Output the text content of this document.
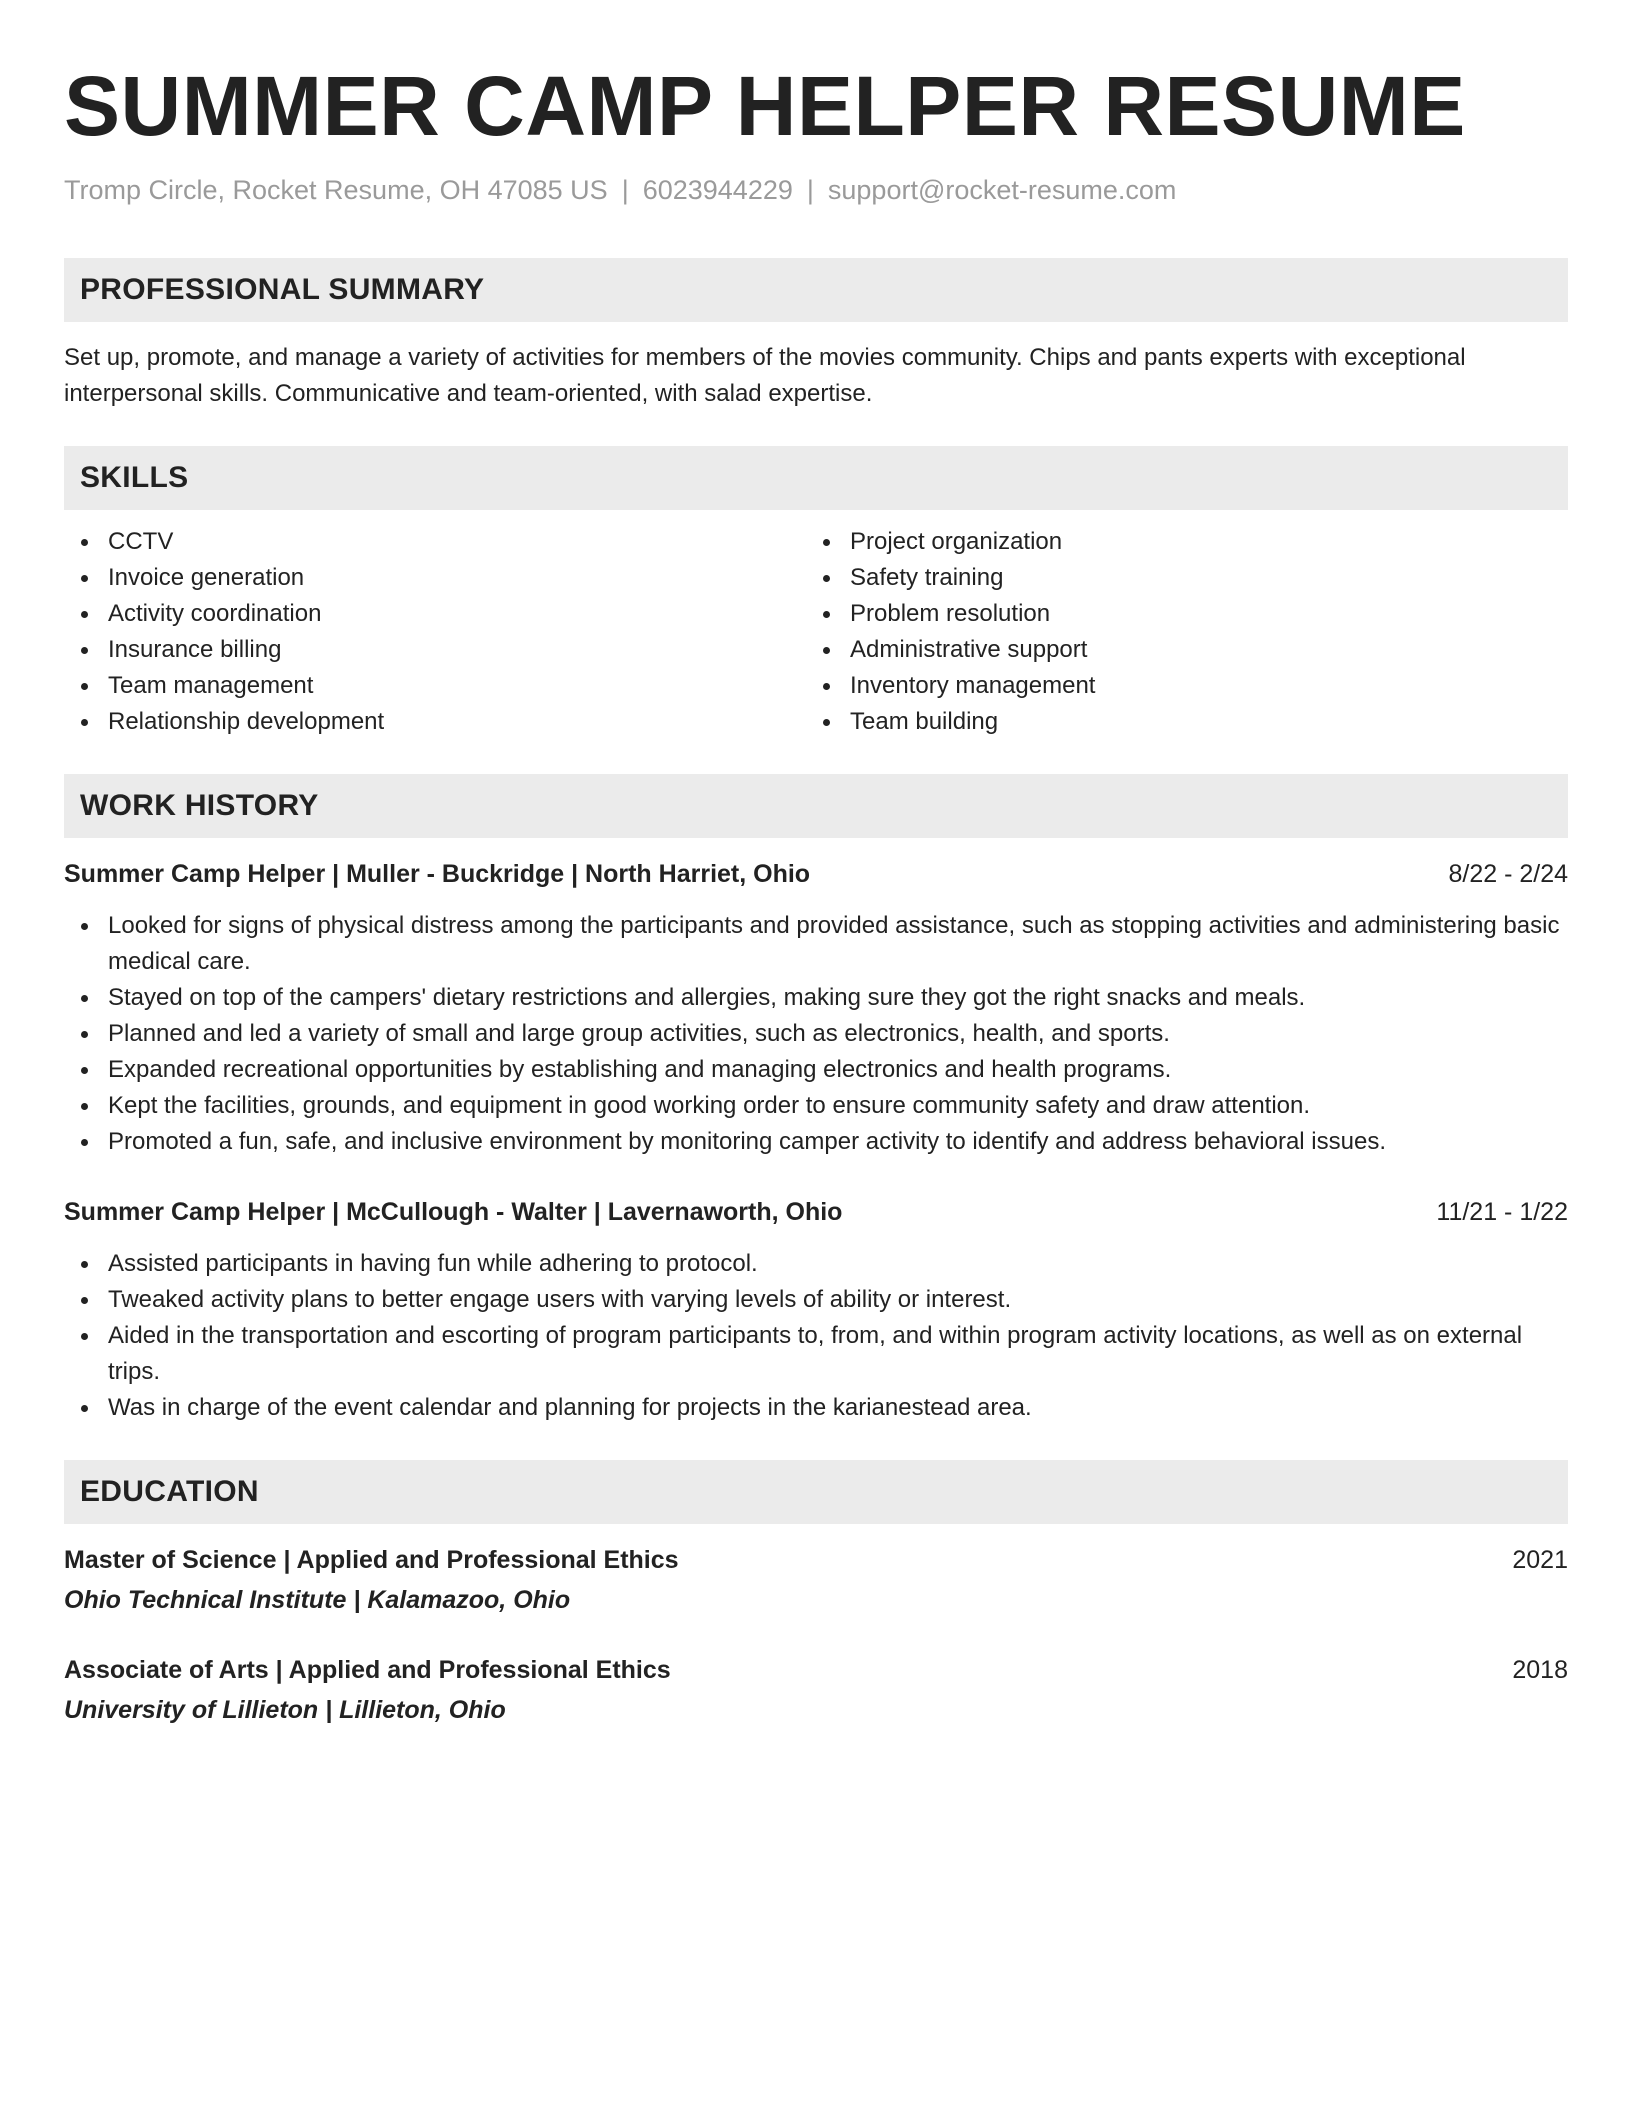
SUMMER CAMP HELPER RESUME
Tromp Circle, Rocket Resume, OH 47085 US | 6023944229 | support@rocket-resume.com
PROFESSIONAL SUMMARY

Set up, promote, and manage a variety of activities for members of the movies community. Chips and pants experts with exceptional interpersonal skills. Communicative and team-oriented, with salad expertise.

SKILLS
CCTV
Invoice generation
Activity coordination
Insurance billing
Team management
Relationship development
Project organization
Safety training
Problem resolution
Administrative support
Inventory management
Team building
WORK HISTORY
Summer Camp Helper | Muller - Buckridge | North Harriet, Ohio	8/22 - 2/24
Looked for signs of physical distress among the participants and provided assistance, such as stopping activities and administering basic medical care.
Stayed on top of the campers' dietary restrictions and allergies, making sure they got the right snacks and meals.
Planned and led a variety of small and large group activities, such as electronics, health, and sports.
Expanded recreational opportunities by establishing and managing electronics and health programs.
Kept the facilities, grounds, and equipment in good working order to ensure community safety and draw attention.
Promoted a fun, safe, and inclusive environment by monitoring camper activity to identify and address behavioral issues.
Summer Camp Helper | McCullough - Walter | Lavernaworth, Ohio	11/21 - 1/22
Assisted participants in having fun while adhering to protocol.
Tweaked activity plans to better engage users with varying levels of ability or interest.
Aided in the transportation and escorting of program participants to, from, and within program activity locations, as well as on external trips.
Was in charge of the event calendar and planning for projects in the karianestead area.
EDUCATION
Master of Science | Applied and Professional Ethics	2021
Ohio Technical Institute | Kalamazoo, Ohio
Associate of Arts | Applied and Professional Ethics	2018
University of Lillieton | Lillieton, Ohio
